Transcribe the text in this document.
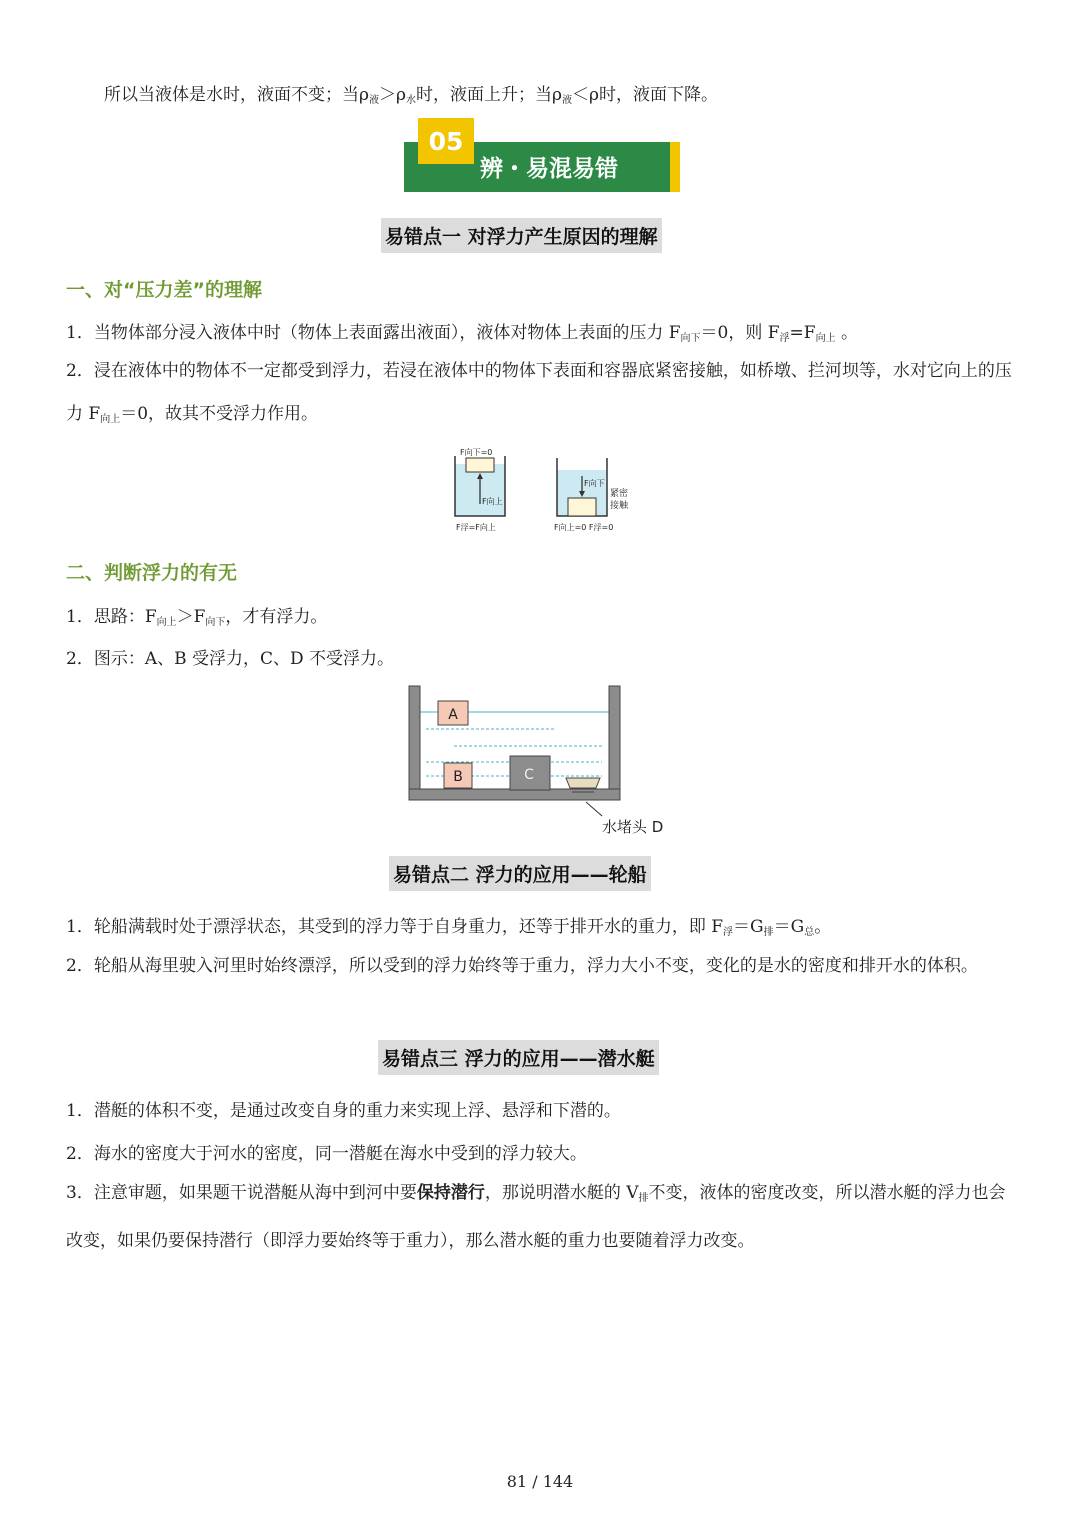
所以当液体是水时，液面不变；当$\rho_液>\rho_水$时，液面上升；当$\rho_液<\rho$时，液面下降。

05
辨・易混易错
易错点一 对浮力产生原因的理解
一、对“压力差”的理解

1．当物体部分浸入液体中时（物体上表面露出液面），液体对物体上表面的压力 $F_{向下}=0$，则 $F_浮=F_{向上}$ 。

2．浸在液体中的物体不一定都受到浮力，若浸在液体中的物体下表面和容器底紧密接触，如桥墩、拦河坝等，水对它向上的压力 $F_{向上}=0$，故其不受浮力作用。

F向下=0
F向上
F浮=F向上
F向下
紧密
接触
F向上=0 F浮=0
二、判断浮力的有无

1．思路：$F_{向上}>F_{向下}$，才有浮力。

2．图示：A、B 受浮力，C、D 不受浮力。

A
B	C
水堵头 D
易错点二 浮力的应用——轮船

1．轮船满载时处于漂浮状态，其受到的浮力等于自身重力，还等于排开水的重力，即 $F_浮=G_排=G_总$。

2．轮船从海里驶入河里时始终漂浮，所以受到的浮力始终等于重力，浮力大小不变，变化的是水的密度和排开水的体积。

易错点三 浮力的应用——潜水艇

1．潜艇的体积不变，是通过改变自身的重力来实现上浮、悬浮和下潜的。

2．海水的密度大于河水的密度，同一潜艇在海水中受到的浮力较大。

3．注意审题，如果题干说潜艇从海中到河中要保持潜行，那说明潜水艇的 $V_排$不变，液体的密度改变，所以潜水艇的浮力也会改变，如果仍要保持潜行（即浮力要始终等于重力），那么潜水艇的重力也要随着浮力改变。

81 / 144
